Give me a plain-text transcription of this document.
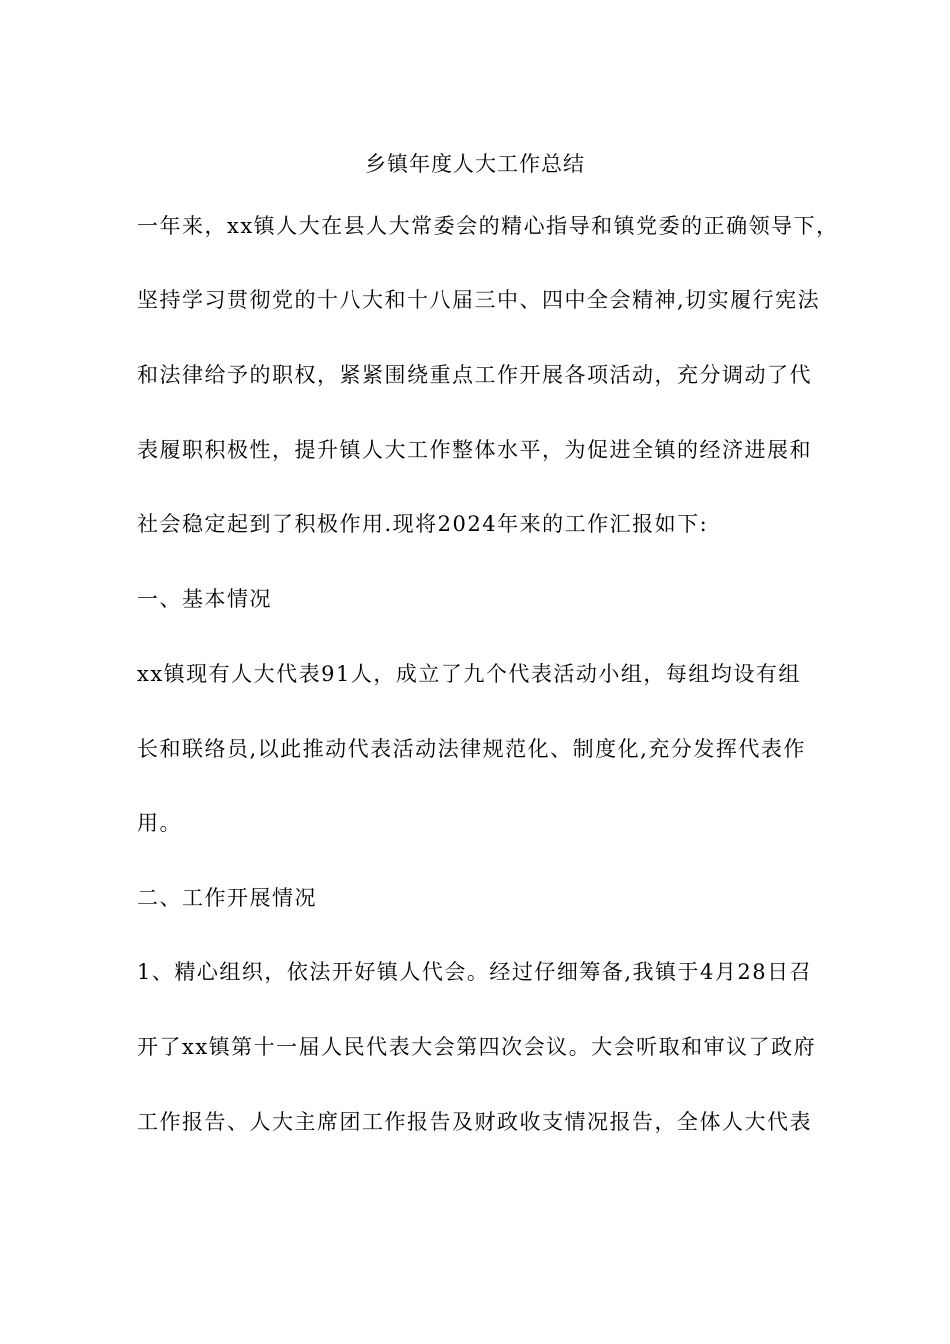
乡镇年度人大工作总结
一年来，xx镇人大在县人大常委会的精心指导和镇党委的正确领导下，
坚持学习贯彻党的十八大和十八届三中、四中全会精神,切实履行宪法
和法律给予的职权，紧紧围绕重点工作开展各项活动，充分调动了代
表履职积极性，提升镇人大工作整体水平，为促进全镇的经济进展和
社会稳定起到了积极作用.现将2024年来的工作汇报如下:
一、基本情况
xx镇现有人大代表91人，成立了九个代表活动小组，每组均设有组
长和联络员,以此推动代表活动法律规范化、制度化,充分发挥代表作
用。
二、工作开展情况
1、精心组织，依法开好镇人代会。经过仔细筹备,我镇于4月28日召
开了xx镇第十一届人民代表大会第四次会议。大会听取和审议了政府
工作报告、人大主席团工作报告及财政收支情况报告，全体人大代表
